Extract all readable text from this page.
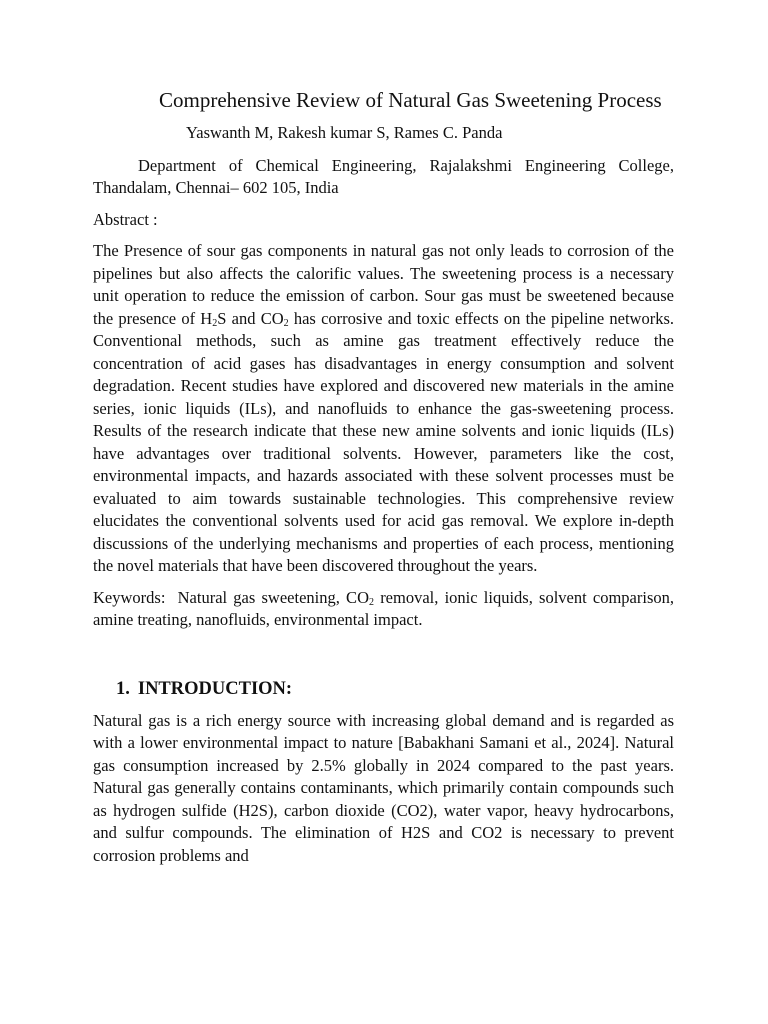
Comprehensive Review of Natural Gas Sweetening Process

Yaswanth M, Rakesh kumar S, Rames C. Panda

Department of Chemical Engineering, Rajalakshmi Engineering College, Thandalam, Chennai– 602 105, India

Abstract :

The Presence of sour gas components in natural gas not only leads to corrosion of the pipelines but also affects the calorific values. The sweetening process is a necessary unit operation to reduce the emission of carbon. Sour gas must be sweetened because the presence of $H_2S$ and $CO_2$ has corrosive and toxic effects on the pipeline networks. Conventional methods, such as amine gas treatment effectively reduce the concentration of acid gases has disadvantages in energy consumption and solvent degradation. Recent studies have explored and discovered new materials in the amine series, ionic liquids (ILs), and nanofluids to enhance the gas-sweetening process. Results of the research indicate that these new amine solvents and ionic liquids (ILs) have advantages over traditional solvents. However, parameters like the cost, environmental impacts, and hazards associated with these solvent processes must be evaluated to aim towards sustainable technologies. This comprehensive review elucidates the conventional solvents used for acid gas removal. We explore in-depth discussions of the underlying mechanisms and properties of each process, mentioning the novel materials that have been discovered throughout the years.

Keywords: Natural gas sweetening, $CO_2$ removal, ionic liquids, solvent comparison, amine treating, nanofluids, environmental impact.

1. INTRODUCTION:

Natural gas is a rich energy source with increasing global demand and is regarded as with a lower environmental impact to nature [Babakhani Samani et al., 2024]. Natural gas consumption increased by 2.5% globally in 2024 compared to the past years. Natural gas generally contains contaminants, which primarily contain compounds such as hydrogen sulfide (H2S), carbon dioxide (CO2), water vapor, heavy hydrocarbons, and sulfur compounds. The elimination of H2S and CO2 is necessary to prevent corrosion problems and
